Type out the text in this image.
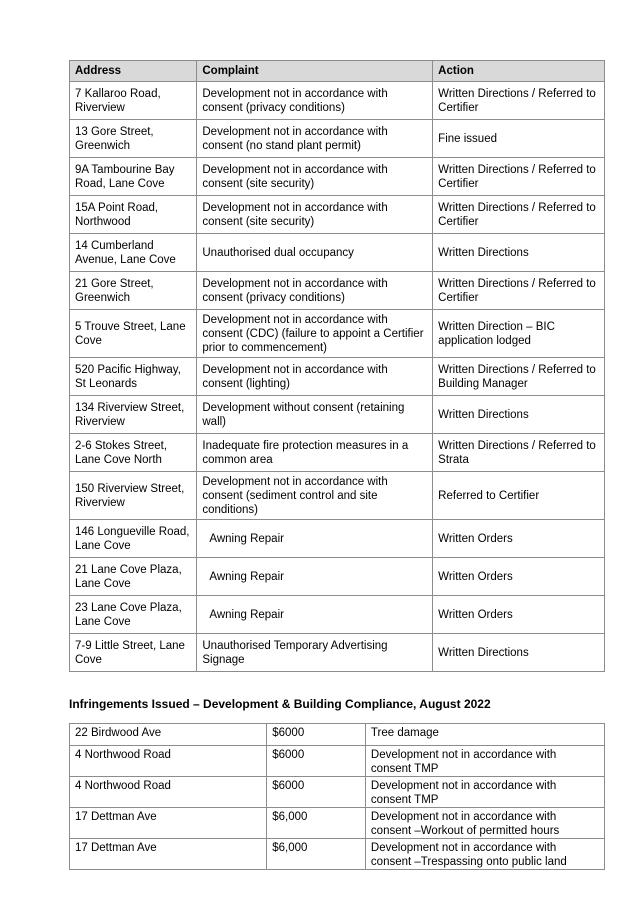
Address	Complaint	Action
7 Kallaroo Road, Riverview	Development not in accordance with consent (privacy conditions)	Written Directions / Referred to Certifier
13 Gore Street, Greenwich	Development not in accordance with consent (no stand plant permit)	Fine issued
9A Tambourine Bay Road, Lane Cove	Development not in accordance with consent (site security)	Written Directions / Referred to Certifier
15A Point Road, Northwood	Development not in accordance with consent (site security)	Written Directions / Referred to Certifier
14 Cumberland Avenue, Lane Cove	Unauthorised dual occupancy	Written Directions
21 Gore Street, Greenwich	Development not in accordance with consent (privacy conditions)	Written Directions / Referred to Certifier
5 Trouve Street, Lane Cove	Development not in accordance with consent (CDC) (failure to appoint a Certifier prior to commencement)	Written Direction – BIC application lodged
520 Pacific Highway, St Leonards	Development not in accordance with consent (lighting)	Written Directions / Referred to Building Manager
134 Riverview Street, Riverview	Development without consent (retaining wall)	Written Directions
2-6 Stokes Street, Lane Cove North	Inadequate fire protection measures in a common area	Written Directions / Referred to Strata
150 Riverview Street, Riverview	Development not in accordance with consent (sediment control and site conditions)	Referred to Certifier
146 Longueville Road, Lane Cove	Awning Repair	Written Orders
21 Lane Cove Plaza, Lane Cove	Awning Repair	Written Orders
23 Lane Cove Plaza, Lane Cove	Awning Repair	Written Orders
7-9 Little Street, Lane Cove	Unauthorised Temporary Advertising Signage	Written Directions
Infringements Issued – Development & Building Compliance, August 2022
22 Birdwood Ave	$6000	Tree damage
4 Northwood Road	$6000	Development not in accordance with consent TMP
4 Northwood Road	$6000	Development not in accordance with consent TMP
17 Dettman Ave	$6,000	Development not in accordance with consent –Workout of permitted hours
17 Dettman Ave	$6,000	Development not in accordance with consent –Trespassing onto public land
